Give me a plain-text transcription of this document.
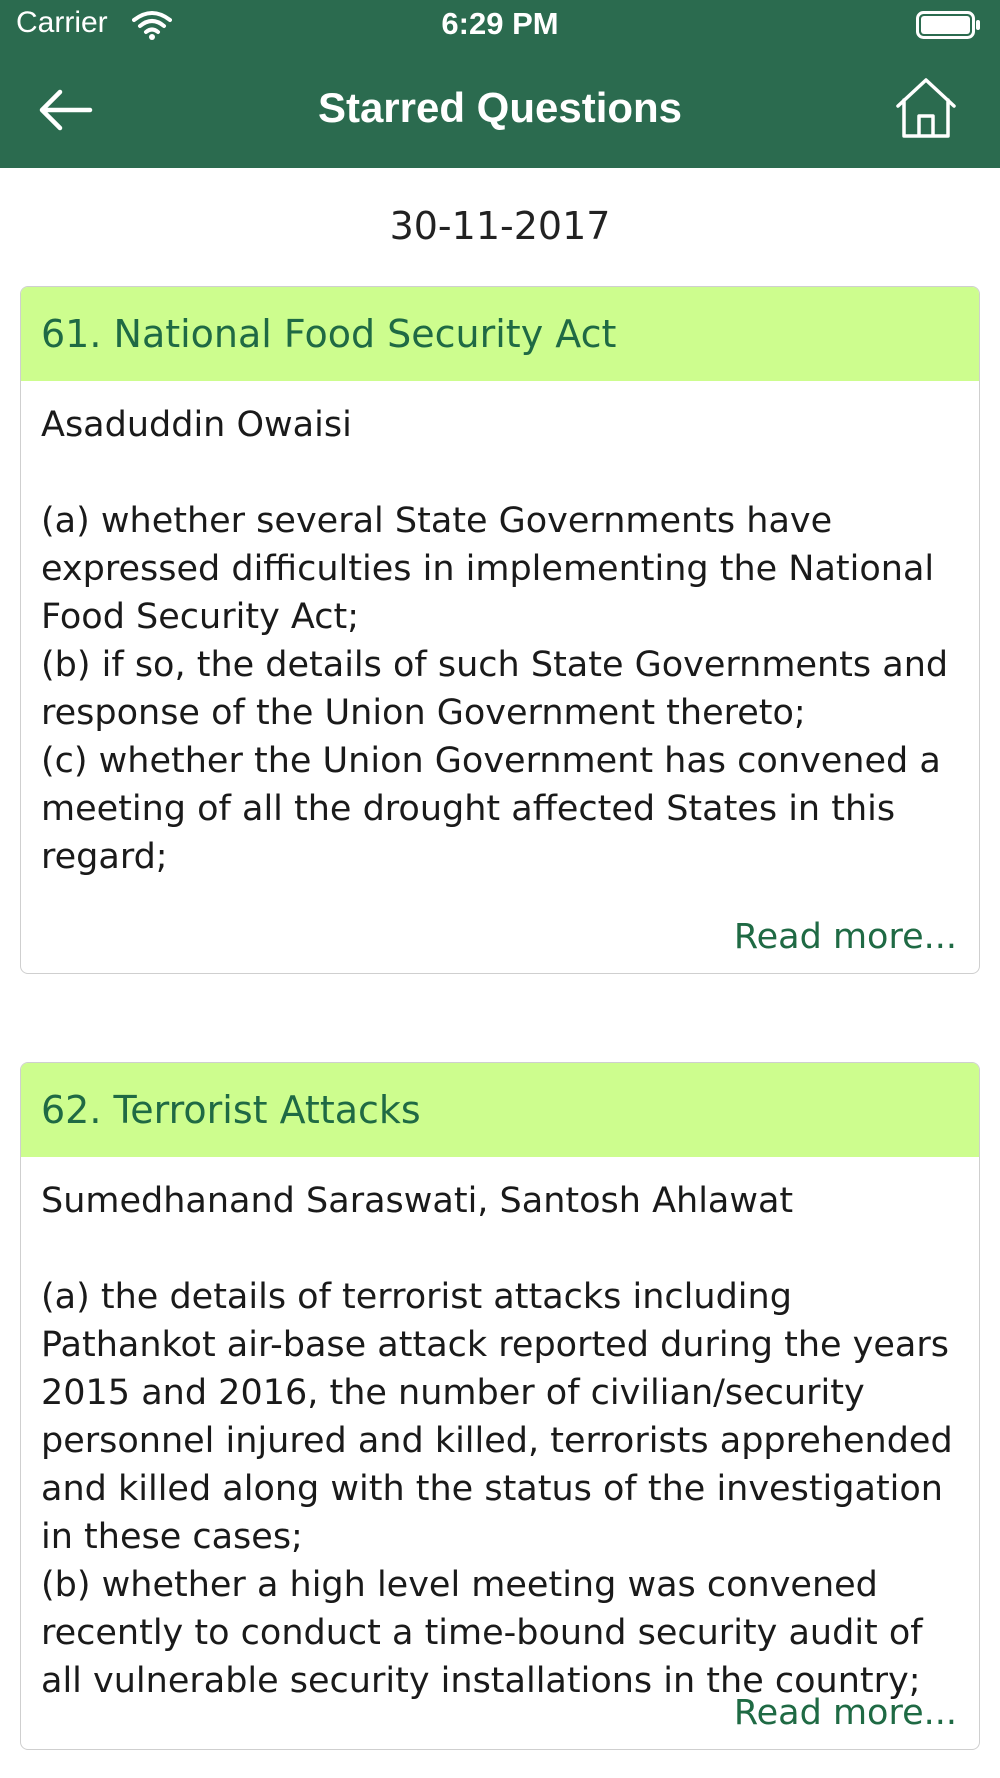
Carrier	6:29 PM
Starred Questions
30-11-2017
61. National Food Security Act
Asaduddin Owaisi
(a) whether several State Governments have expressed difficulties in implementing the National Food Security Act;
(b) if so, the details of such State Governments and response of the Union Government thereto;
(c) whether the Union Government has convened a meeting of all the drought affected States in this regard;
Read more...
62. Terrorist Attacks
Sumedhanand Saraswati, Santosh Ahlawat
(a) the details of terrorist attacks including Pathankot air-base attack reported during the years 2015 and 2016, the number of civilian/security personnel injured and killed, terrorists apprehended and killed along with the status of the investigation in these cases;
(b) whether a high level meeting was convened recently to conduct a time-bound security audit of all vulnerable security installations in the country;
Read more...
